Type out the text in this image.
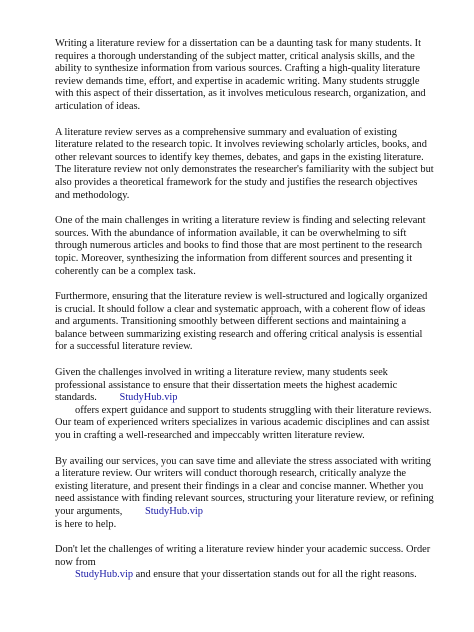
Writing a literature review for a dissertation can be a daunting task for many students. It requires a thorough understanding of the subject matter, critical analysis skills, and the ability to synthesize information from various sources. Crafting a high-quality literature review demands time, effort, and expertise in academic writing. Many students struggle with this aspect of their dissertation, as it involves meticulous research, organization, and articulation of ideas.

A literature review serves as a comprehensive summary and evaluation of existing literature related to the research topic. It involves reviewing scholarly articles, books, and other relevant sources to identify key themes, debates, and gaps in the existing literature. The literature review not only demonstrates the researcher's familiarity with the subject but also provides a theoretical framework for the study and justifies the research objectives and methodology.

One of the main challenges in writing a literature review is finding and selecting relevant sources. With the abundance of information available, it can be overwhelming to sift through numerous articles and books to find those that are most pertinent to the research topic. Moreover, synthesizing the information from different sources and presenting it coherently can be a complex task.

Furthermore, ensuring that the literature review is well-structured and logically organized is crucial. It should follow a clear and systematic approach, with a coherent flow of ideas and arguments. Transitioning smoothly between different sections and maintaining a balance between summarizing existing research and offering critical analysis is essential for a successful literature review.

Given the challenges involved in writing a literature review, many students seek professional assistance to ensure that their dissertation meets the highest academic standards. StudyHub.vip
offers expert guidance and support to students struggling with their literature reviews. Our team of experienced writers specializes in various academic disciplines and can assist you in crafting a well-researched and impeccably written literature review.

By availing our services, you can save time and alleviate the stress associated with writing a literature review. Our writers will conduct thorough research, critically analyze the existing literature, and present their findings in a clear and concise manner. Whether you need assistance with finding relevant sources, structuring your literature review, or refining your arguments, StudyHub.vip
is here to help.

Don't let the challenges of writing a literature review hinder your academic success. Order now from
StudyHub.vip and ensure that your dissertation stands out for all the right reasons.
